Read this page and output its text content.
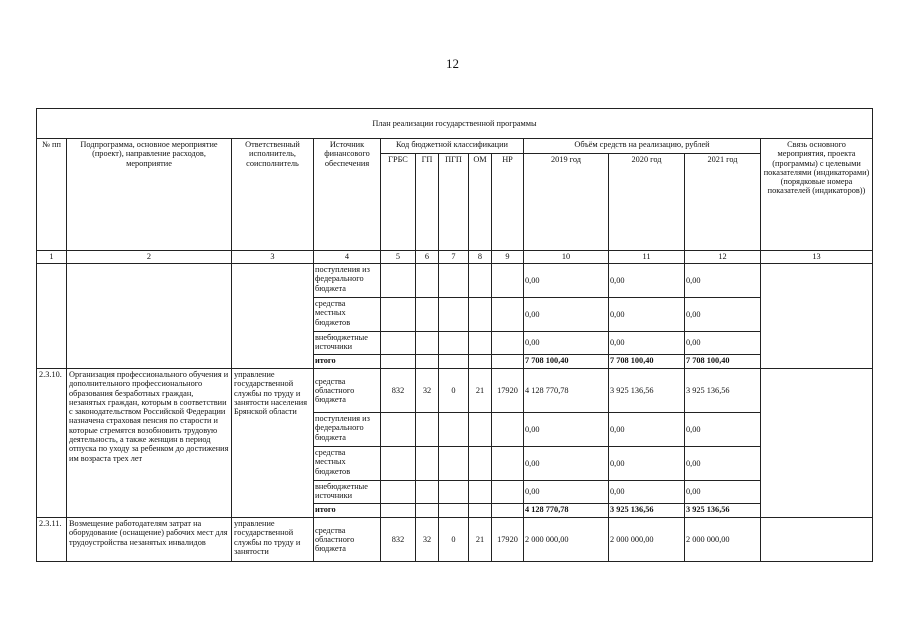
12
План реализации государственной программы												
№ пп	Подпрограмма, основное мероприятие (проект), направление расходов, мероприятие	Ответственный исполнитель, соисполнитель	Источник финансового обеспечения	Код бюджетной классификации					Объём средств на реализацию, рублей			Связь основного мероприятия, проекта (программы) с целевыми показателями (индикаторами) (порядковые номера показателей (индикаторов))
				ГРБС	ГП	ПГП	ОМ	НР	2019 год	2020 год	2021 год	
1	2	3	4	5	6	7	8	9	10	11	12	13
			поступления из федерального бюджета						0,00	0,00	0,00	
			средства местных бюджетов						0,00	0,00	0,00	
			внебюджетные источники						0,00	0,00	0,00	
			итого						7 708 100,40	7 708 100,40	7 708 100,40	
2.3.10.	Организация профессионального обучения и дополнительного профессионального образования безработных граждан, незанятых граждан, которым в соответствии с законодательством Российской Федерации назначена страховая пенсия по старости и которые стремятся возобновить трудовую деятельность, а также женщин в период отпуска по уходу за ребенком до достижения им возраста трех лет	управление государственной службы по труду и занятости населения Брянской области	средства областного бюджета	832	32	0	21	17920	4 128 770,78	3 925 136,56	3 925 136,56	
			поступления из федерального бюджета						0,00	0,00	0,00	
			средства местных бюджетов						0,00	0,00	0,00	
			внебюджетные источники						0,00	0,00	0,00	
			итого						4 128 770,78	3 925 136,56	3 925 136,56	
2.3.11.	Возмещение работодателям затрат на оборудование (оснащение) рабочих мест для трудоустройства незанятых инвалидов	управление государственной службы по труду и занятости	средства областного бюджета	832	32	0	21	17920	2 000 000,00	2 000 000,00	2 000 000,00	
